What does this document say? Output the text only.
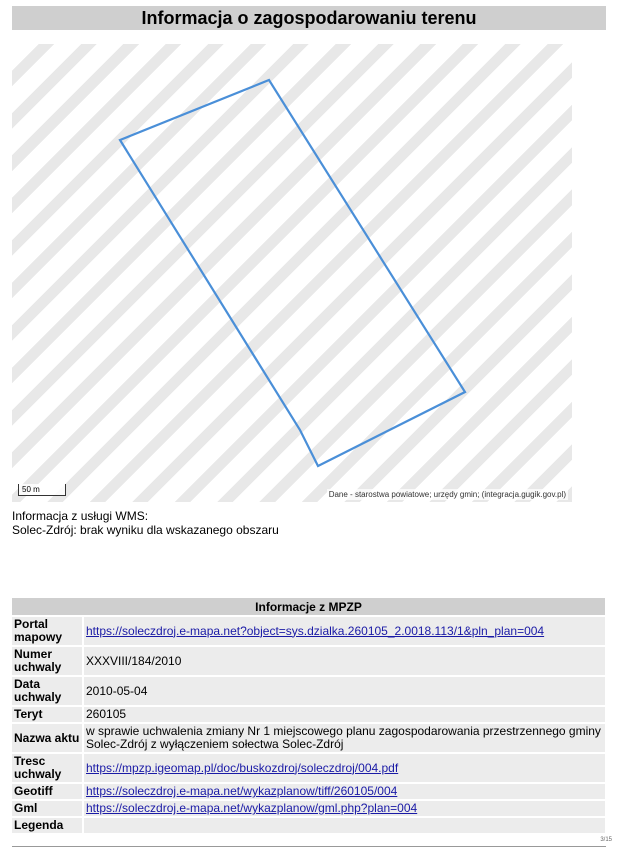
Informacja o zagospodarowaniu terenu
50 m
Dane - starostwa powiatowe; urzędy gmin; (integracja.gugik.gov.pl)
Informacja z usługi WMS:
Solec-Zdrój: brak wyniku dla wskazanego obszaru
Informacje z MPZP	
Portal mapowy	https://soleczdroj.e-mapa.net?object=sys.dzialka.260105_2.0018.113/1&pln_plan=004
Numer uchwaly	XXXVIII/184/2010
Data uchwaly	2010-05-04
Teryt	260105
Nazwa aktu	w sprawie uchwalenia zmiany Nr 1 miejscowego planu zagospodarowania przestrzennego gminy Solec-Zdrój z wyłączeniem sołectwa Solec-Zdrój
Tresc uchwaly	https://mpzp.igeomap.pl/doc/buskozdroj/soleczdroj/004.pdf
Geotiff	https://soleczdroj.e-mapa.net/wykazplanow/tiff/260105/004
Gml	https://soleczdroj.e-mapa.net/wykazplanow/gml.php?plan=004
Legenda	
3/15
